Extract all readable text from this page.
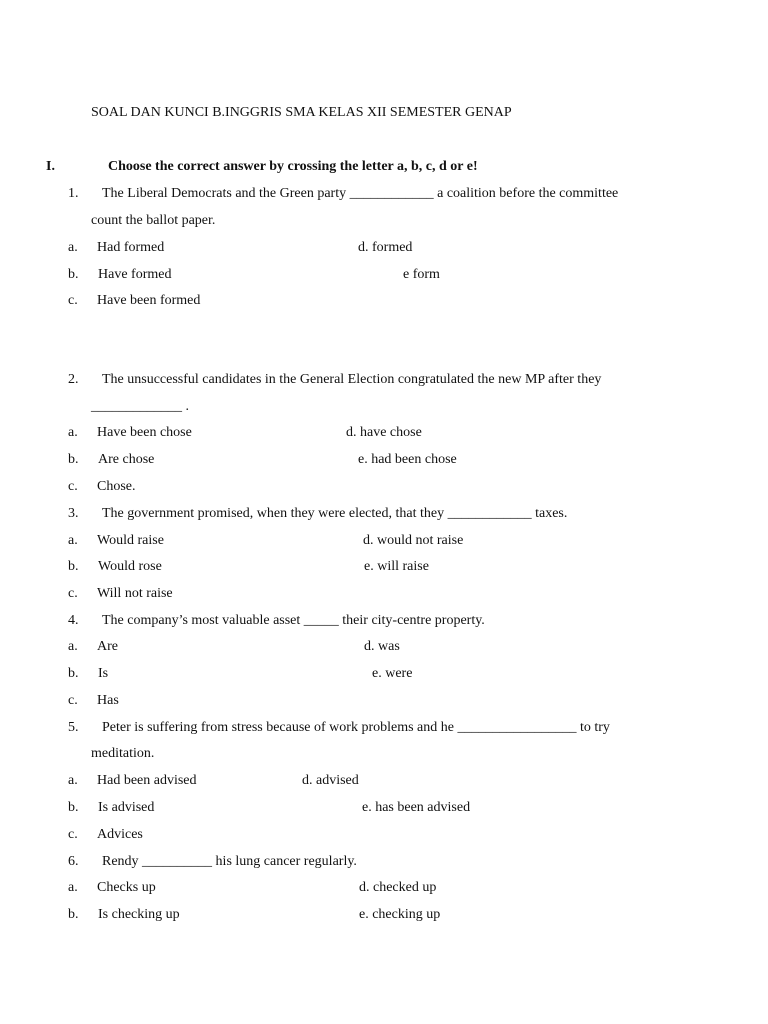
SOAL DAN KUNCI B.INGGRIS SMA KELAS XII SEMESTER GENAP
I.	Choose the correct answer by crossing the letter a, b, c, d or e!
1. The Liberal Democrats and the Green party ____________ a coalition before the committee
count the ballot paper.
a. Had formed	d. formed
b. Have formed	e form
c. Have been formed
2. The unsuccessful candidates in the General Election congratulated the new MP after they
_____________ .
a. Have been chose	d. have chose
b. Are chose	e. had been chose
c. Chose.
3. The government promised, when they were elected, that they ____________ taxes.
a. Would raise	d. would not raise
b. Would rose	e. will raise
c. Will not raise
4. The company’s most valuable asset _____ their city-centre property.
a. Are	d. was
b. Is	e. were
c. Has
5. Peter is suffering from stress because of work problems and he _________________ to try
meditation.
a. Had been advised	d. advised
b. Is advised	e. has been advised
c. Advices
6. Rendy __________ his lung cancer regularly.
a. Checks up	d. checked up
b. Is checking up	e. checking up
